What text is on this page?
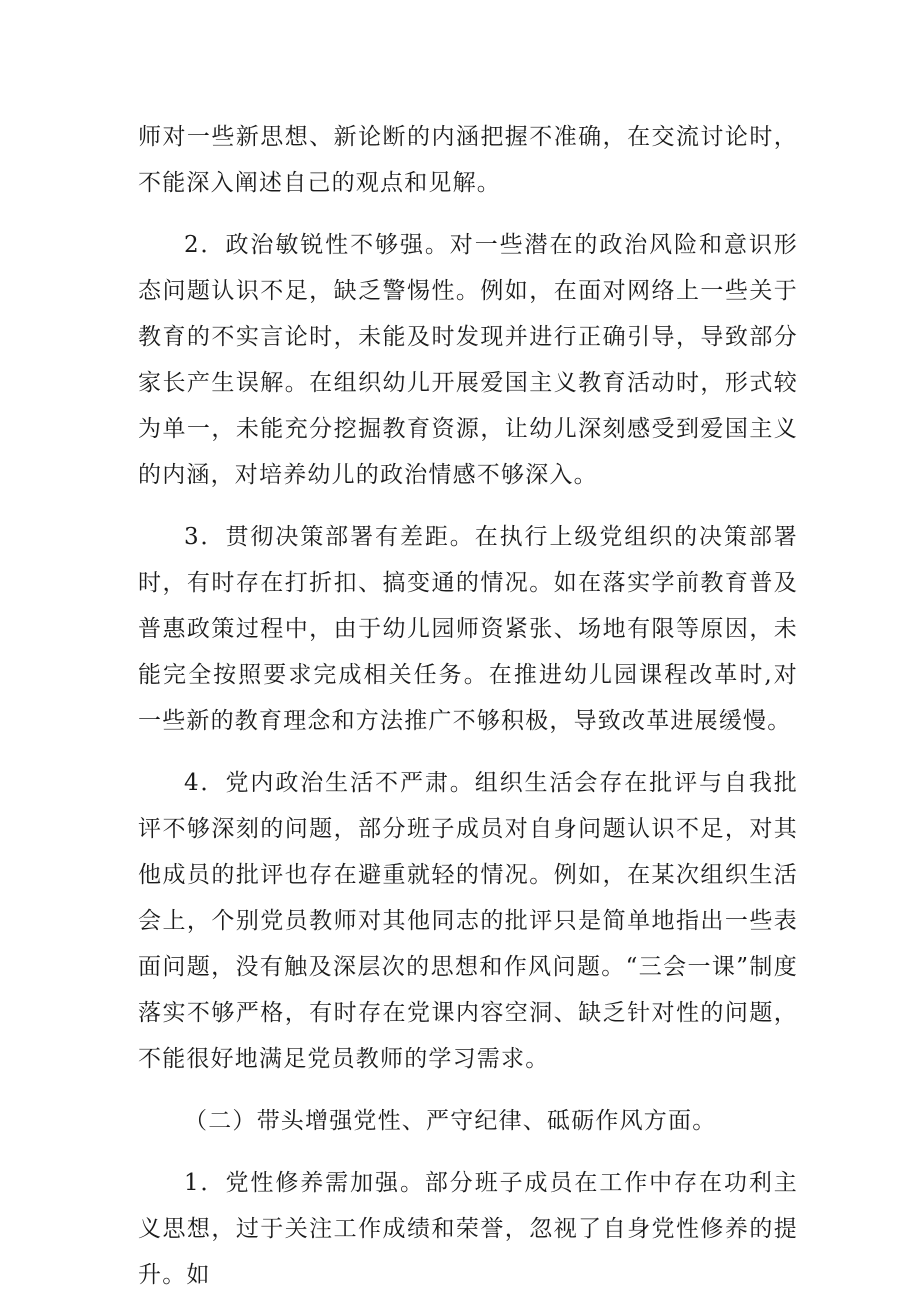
师对一些新思想、新论断的内涵把握不准确，在交流讨论时，不能深入阐述自己的观点和见解。

2．政治敏锐性不够强。对一些潜在的政治风险和意识形态问题认识不足，缺乏警惕性。例如，在面对网络上一些关于教育的不实言论时，未能及时发现并进行正确引导，导致部分家长产生误解。在组织幼儿开展爱国主义教育活动时，形式较为单一，未能充分挖掘教育资源，让幼儿深刻感受到爱国主义的内涵，对培养幼儿的政治情感不够深入。

3．贯彻决策部署有差距。在执行上级党组织的决策部署时，有时存在打折扣、搞变通的情况。如在落实学前教育普及普惠政策过程中，由于幼儿园师资紧张、场地有限等原因，未能完全按照要求完成相关任务。在推进幼儿园课程改革时,对一些新的教育理念和方法推广不够积极，导致改革进展缓慢。

4．党内政治生活不严肃。组织生活会存在批评与自我批评不够深刻的问题，部分班子成员对自身问题认识不足，对其他成员的批评也存在避重就轻的情况。例如，在某次组织生活会上，个别党员教师对其他同志的批评只是简单地指出一些表面问题，没有触及深层次的思想和作风问题。“三会一课”制度落实不够严格，有时存在党课内容空洞、缺乏针对性的问题，不能很好地满足党员教师的学习需求。

（二）带头增强党性、严守纪律、砥砺作风方面。

1．党性修养需加强。部分班子成员在工作中存在功利主义思想，过于关注工作成绩和荣誉，忽视了自身党性修养的提升。如
